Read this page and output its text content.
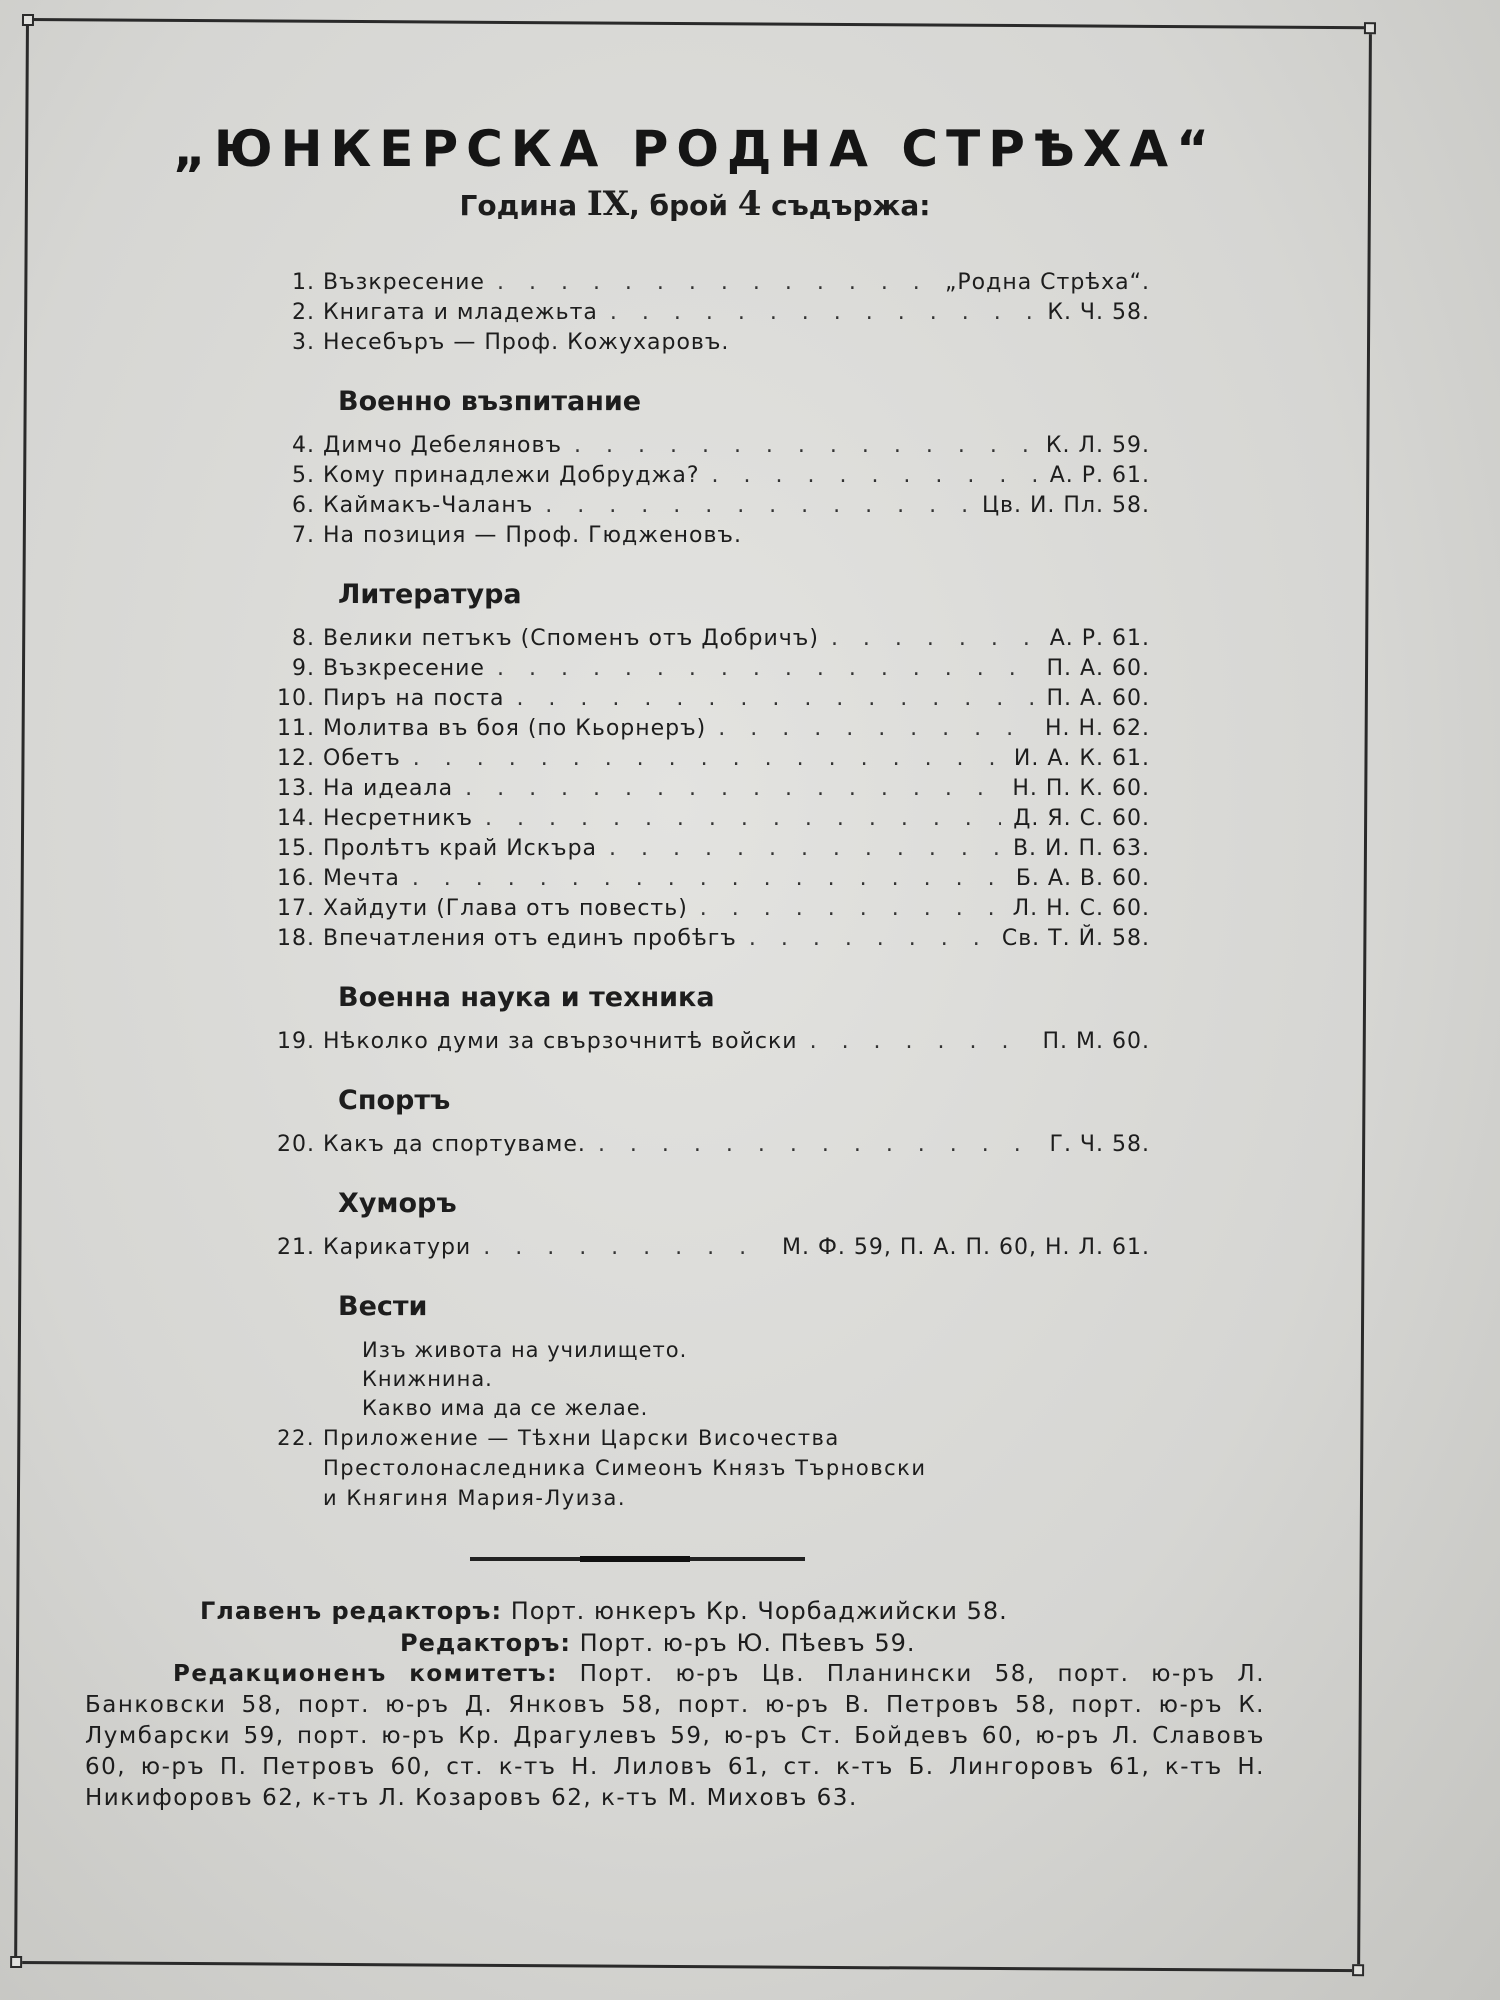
„ЮНКЕРСКА РОДНА СТРѢХА“
Година IX, брой 4 съдържа:
1. Възкресение . . .	„Родна Стрѣха“.
2. Книгата и младежьта . . .	К. Ч. 58.
3. Несебъръ — Проф. Кожухаровъ.
Военно възпитание
4. Димчо Дебеляновъ . . .	К. Л. 59.
5. Кому принадлежи Добруджа? . . .	А. Р. 61.
6. Каймакъ-Чаланъ . . .	Цв. И. Пл. 58.
7. На позиция — Проф. Гюдженовъ.
Литература
8. Велики петъкъ (Споменъ отъ Добричъ) . . .	А. Р. 61.
9. Възкресение . . .	П. А. 60.
10. Пиръ на поста . . .	П. А. 60.
11. Молитва въ боя (по Кьорнеръ) . . .	Н. Н. 62.
12. Обетъ . . .	И. А. К. 61.
13. На идеала . . .	Н. П. К. 60.
14. Несретникъ . . .	Д. Я. С. 60.
15. Пролѣтъ край Искъра . . .	В. И. П. 63.
16. Мечта . . .	Б. А. В. 60.
17. Хайдути (Глава отъ повесть) . . .	Л. Н. С. 60.
18. Впечатления отъ единъ пробѣгъ . . .	Св. Т. Й. 58.
Военна наука и техника
19. Нѣколко думи за свързочнитѣ войски . . .	П. М. 60.
Спортъ
20. Какъ да спортуваме. . . .	Г. Ч. 58.
Хуморъ
21. Карикатури . . .	М. Ф. 59, П. А. П. 60, Н. Л. 61.
Вести
Изъ живота на училището.
Книжнина.
Какво има да се желае.
22. Приложение — Тѣхни Царски Височества Престолонаследника Симеонъ Князъ Търновски и Княгиня Мария-Луиза.
Главенъ редакторъ: Порт. юнкеръ Кр. Чорбаджийски 58.
Редакторъ: Порт. ю-ръ Ю. Пѣевъ 59.
Редакционенъ комитетъ: Порт. ю-ръ Цв. Планински 58, порт. ю-ръ Л. Банковски 58, порт. ю-ръ Д. Янковъ 58, порт. ю-ръ В. Петровъ 58, порт. ю-ръ К. Лумбарски 59, порт. ю-ръ Кр. Драгулевъ 59, ю-ръ Ст. Бойдевъ 60, ю-ръ Л. Славовъ 60, ю-ръ П. Петровъ 60, ст. к-тъ Н. Лиловъ 61, ст. к-тъ Б. Лингоровъ 61, к-тъ Н. Никифоровъ 62, к-тъ Л. Козаровъ 62, к-тъ М. Миховъ 63.
